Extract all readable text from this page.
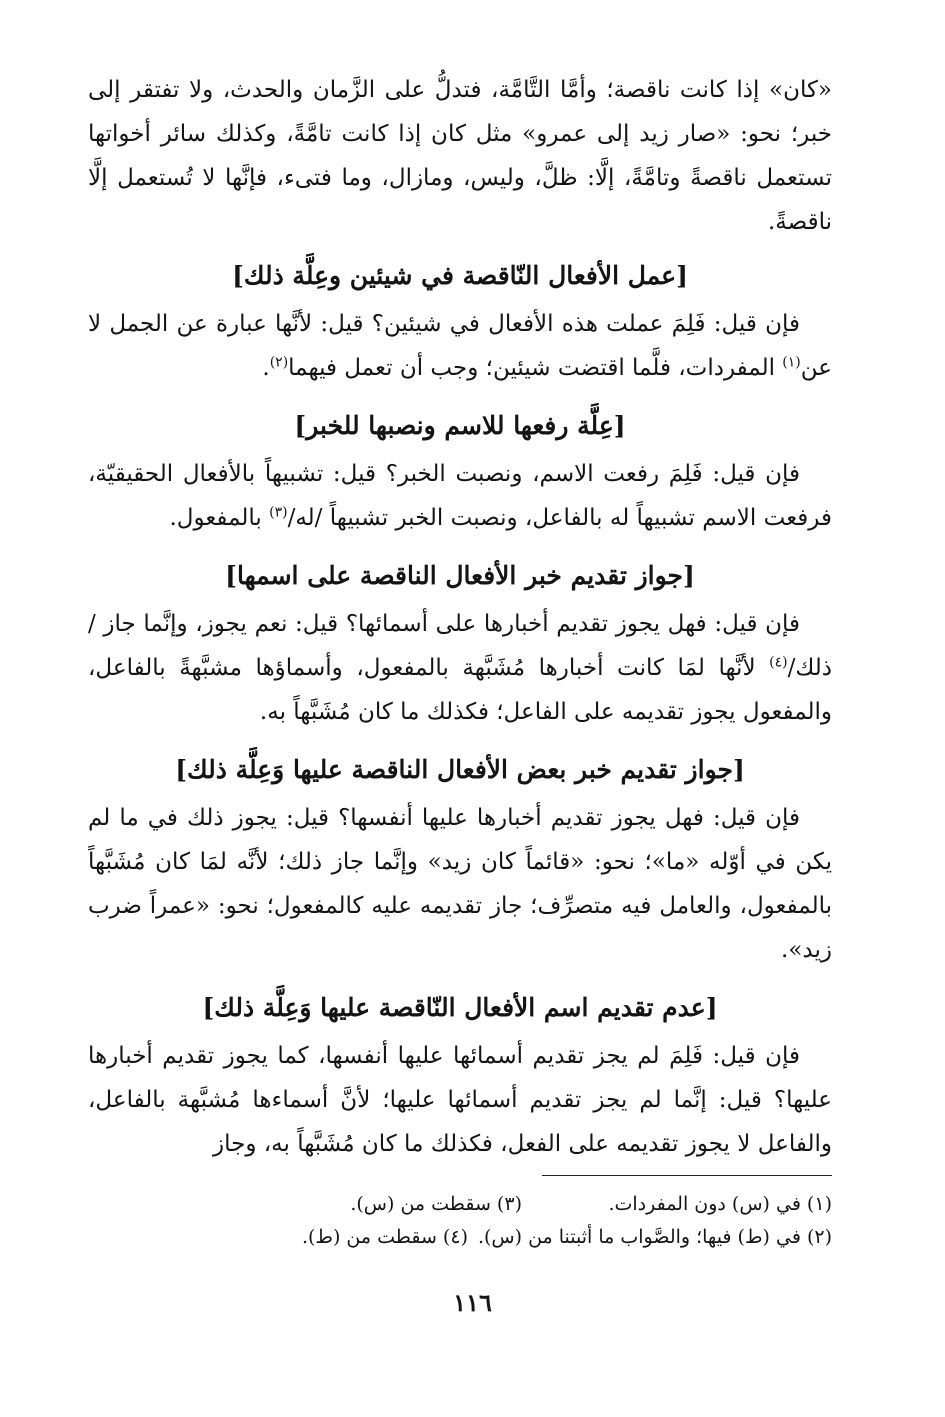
«كان» إذا كانت ناقصة؛ وأمَّا التَّامَّة، فتدلُّ على الزَّمان والحدث، ولا تفتقر إلى خبر؛ نحو: «صار زيد إلى عمرو» مثل كان إذا كانت تامَّةً، وكذلك سائر أخواتها تستعمل ناقصةً وتامَّةً، إلَّا: ظلَّ، وليس، ومازال، وما فتىء، فإنَّها لا تُستعمل إلَّا ناقصةً.

[عمل الأفعال النّاقصة في شيئين وعِلَّة ذلك]

فإن قيل: فَلِمَ عملت هذه الأفعال في شيئين؟ قيل: لأنَّها عبارة عن الجمل لا عن$^{(١)}$ المفردات، فلَّما اقتضت شيئين؛ وجب أن تعمل فيهما$^{(٢)}$.

[عِلَّة رفعها للاسم ونصبها للخبر]

فإن قيل: فَلِمَ رفعت الاسم، ونصبت الخبر؟ قيل: تشبيهاً بالأفعال الحقيقيّة، فرفعت الاسم تشبيهاً له بالفاعل، ونصبت الخبر تشبيهاً /له/$^{(٣)}$ بالمفعول.

[جواز تقديم خبر الأفعال الناقصة على اسمها]

فإن قيل: فهل يجوز تقديم أخبارها على أسمائها؟ قيل: نعم يجوز، وإنَّما جاز /ذلك/$^{(٤)}$ لأنَّها لمَا كانت أخبارها مُشَبَّهة بالمفعول، وأسماؤها مشبَّهةً بالفاعل، والمفعول يجوز تقديمه على الفاعل؛ فكذلك ما كان مُشَبَّهاً به.

[جواز تقديم خبر بعض الأفعال الناقصة عليها وَعِلَّة ذلك]

فإن قيل: فهل يجوز تقديم أخبارها عليها أنفسها؟ قيل: يجوز ذلك في ما لم يكن في أوّله «ما»؛ نحو: «قائماً كان زيد» وإنَّما جاز ذلك؛ لأنَّه لمَا كان مُشَبَّهاً بالمفعول، والعامل فيه متصرِّف؛ جاز تقديمه عليه كالمفعول؛ نحو: «عمراً ضرب زيد».

[عدم تقديم اسم الأفعال النّاقصة عليها وَعِلَّة ذلك]

فإن قيل: فَلِمَ لم يجز تقديم أسمائها عليها أنفسها، كما يجوز تقديم أخبارها عليها؟ قيل: إنَّما لم يجز تقديم أسمائها عليها؛ لأنَّ أسماءها مُشبَّهة بالفاعل، والفاعل لا يجوز تقديمه على الفعل، فكذلك ما كان مُشَبَّهاً به، وجاز

(١) في (س) دون المفردات.
(٣) سقطت من (س).
(٢) في (ط) فيها؛ والصَّواب ما أثبتنا من (س).
(٤) سقطت من (ط).
١١٦
